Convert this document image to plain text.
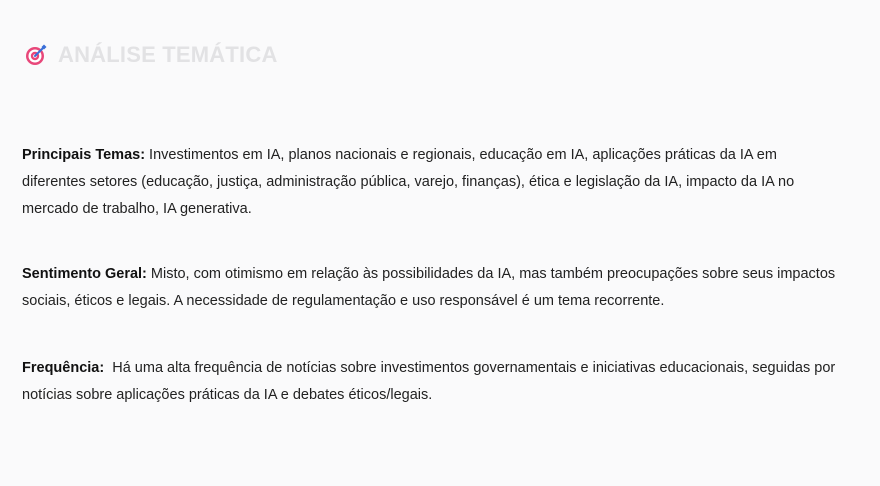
ANÁLISE TEMÁTICA
Principais Temas: Investimentos em IA, planos nacionais e regionais, educação em IA, aplicações práticas da IA em diferentes setores (educação, justiça, administração pública, varejo, finanças), ética e legislação da IA, impacto da IA no mercado de trabalho, IA generativa.
Sentimento Geral: Misto, com otimismo em relação às possibilidades da IA, mas também preocupações sobre seus impactos sociais, éticos e legais. A necessidade de regulamentação e uso responsável é um tema recorrente.
Frequência:  Há uma alta frequência de notícias sobre investimentos governamentais e iniciativas educacionais, seguidas por notícias sobre aplicações práticas da IA e debates éticos/legais.
